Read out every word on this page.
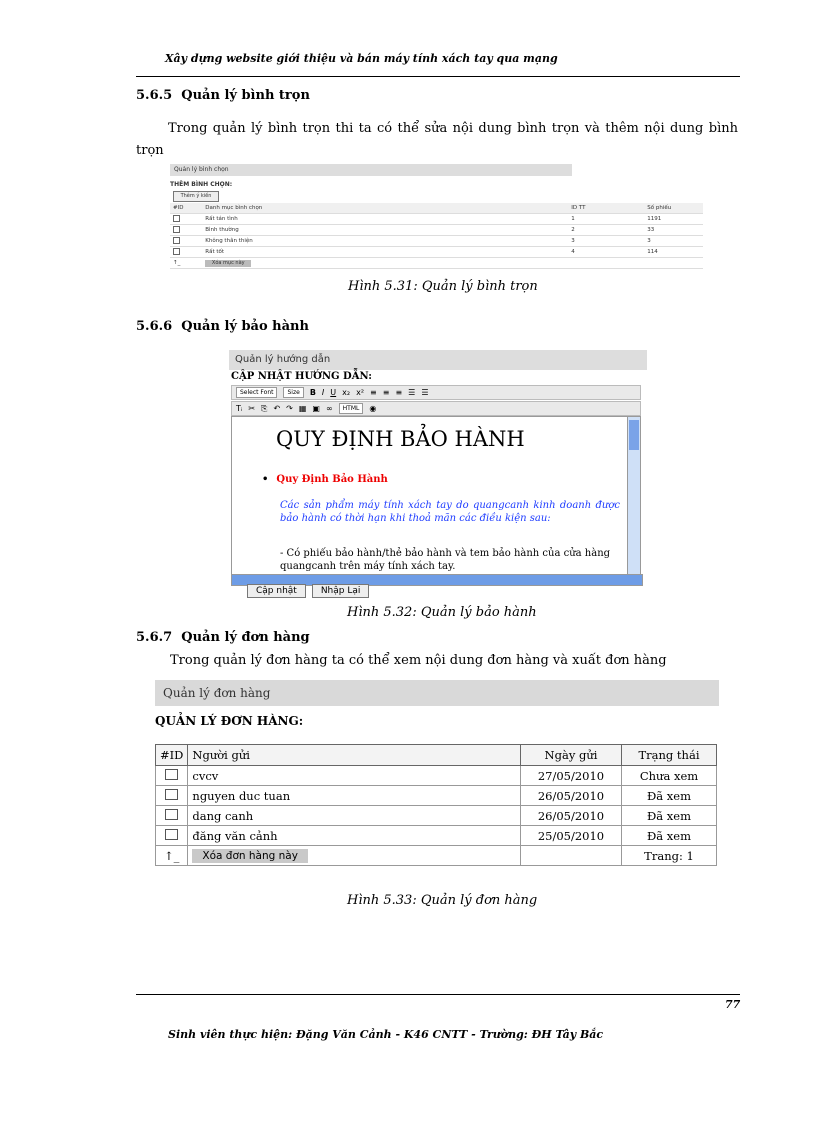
Xây dựng website giới thiệu và bán máy tính xách tay qua mạng
5.6.5 Quản lý bình trọn
Trong quản lý bình trọn thi ta có thể sửa nội dung bình trọn và thêm nội dung bình trọn
Quản lý bình chọn
THÊM BÌNH CHỌN:
Thêm ý kiến
#ID	Danh mục bình chọn	ID TT	Số phiếu
	Rất tán tình	1	1191
	Bình thường	2	33
	Không thân thiện	3	3
	Rất tốt	4	114
↑_	Xóa mục này		
Hình 5.31: Quản lý bình trọn
5.6.6 Quản lý bảo hành
Quản lý hướng dẫn
CẬP NHẬT HƯỚNG DẪN:
Select Font	Size	B I U x₂ x² ≡ ≡ ≡ ☰ ☰
Tᵢ ✂ ⎘ ↶ ↷ ▦ ▣ ∞	HTML	◉
QUY ĐỊNH BẢO HÀNH
• Quy Định Bảo Hành
Các sản phẩm máy tính xách tay do quangcanh kinh doanh được bảo hành có thời hạn khi thoả mãn các điều kiện sau:
- Có phiếu bảo hành/thẻ bảo hành và tem bảo hành của cửa hàng quangcanh trên máy tính xách tay.
Cập nhật	Nhập Lại
Hình 5.32: Quản lý bảo hành
5.6.7 Quản lý đơn hàng
Trong quản lý đơn hàng ta có thể xem nội dung đơn hàng và xuất đơn hàng
Quản lý đơn hàng
QUẢN LÝ ĐƠN HÀNG:
#ID	Người gửi	Ngày gửi	Trạng thái
	cvcv	27/05/2010	Chưa xem
	nguyen duc tuan	26/05/2010	Đã xem
	dang canh	26/05/2010	Đã xem
	đăng văn cảnh	25/05/2010	Đã xem
↑_	Xóa đơn hàng này		Trang: 1
Hình 5.33: Quản lý đơn hàng
77
Sinh viên thực hiện: Đặng Văn Cảnh - K46 CNTT - Trường: ĐH Tây Bắc
